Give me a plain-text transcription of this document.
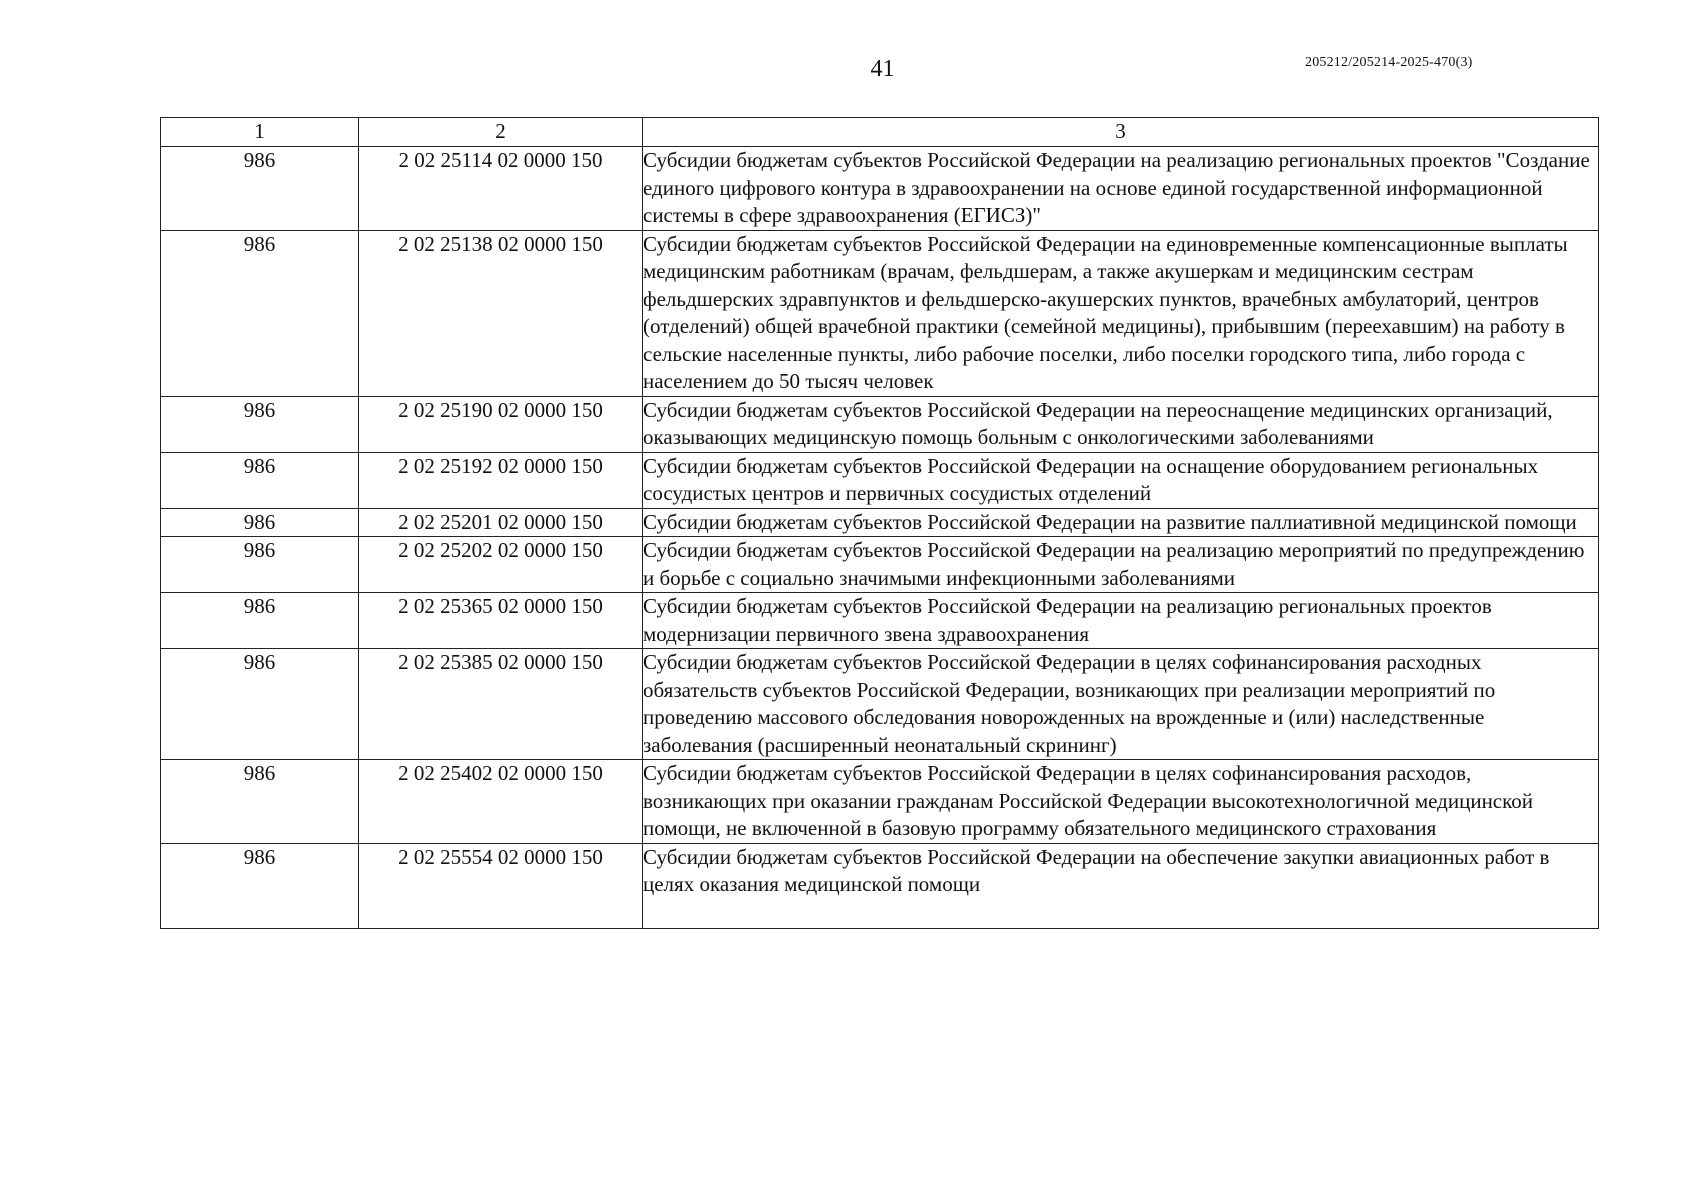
41	205212/205214-2025-470(3)
1	2	3
986	2 02 25114 02 0000 150	Субсидии бюджетам субъектов Российской Федерации на реализацию региональных проектов "Создание единого цифрового контура в здравоохранении на основе единой государственной информационной системы в сфере здравоохранения (ЕГИСЗ)"
986	2 02 25138 02 0000 150	Субсидии бюджетам субъектов Российской Федерации на единовременные компенсационные выплаты медицинским работникам (врачам, фельдшерам, а также акушеркам и медицинским сестрам фельдшерских здравпунктов и фельдшерско-акушерских пунктов, врачебных амбулаторий, центров (отделений) общей врачебной практики (семейной медицины), прибывшим (переехавшим) на работу в сельские населенные пункты, либо рабочие поселки, либо поселки городского типа, либо города с населением до 50 тысяч человек
986	2 02 25190 02 0000 150	Субсидии бюджетам субъектов Российской Федерации на переоснащение медицинских организаций, оказывающих медицинскую помощь больным с онкологическими заболеваниями
986	2 02 25192 02 0000 150	Субсидии бюджетам субъектов Российской Федерации на оснащение оборудованием региональных сосудистых центров и первичных сосудистых отделений
986	2 02 25201 02 0000 150	Субсидии бюджетам субъектов Российской Федерации на развитие паллиативной медицинской помощи
986	2 02 25202 02 0000 150	Субсидии бюджетам субъектов Российской Федерации на реализацию мероприятий по предупреждению и борьбе с социально значимыми инфекционными заболеваниями
986	2 02 25365 02 0000 150	Субсидии бюджетам субъектов Российской Федерации на реализацию региональных проектов модернизации первичного звена здравоохранения
986	2 02 25385 02 0000 150	Субсидии бюджетам субъектов Российской Федерации в целях софинансирования расходных обязательств субъектов Российской Федерации, возникающих при реализации мероприятий по проведению массового обследования новорожденных на врожденные и (или) наследственные заболевания (расширенный неонатальный скрининг)
986	2 02 25402 02 0000 150	Субсидии бюджетам субъектов Российской Федерации в целях софинансирования расходов, возникающих при оказании гражданам Российской Федерации высокотехнологичной медицинской помощи, не включенной в базовую программу обязательного медицинского страхования
986	2 02 25554 02 0000 150	Субсидии бюджетам субъектов Российской Федерации на обеспечение закупки авиационных работ в целях оказания медицинской помощи
